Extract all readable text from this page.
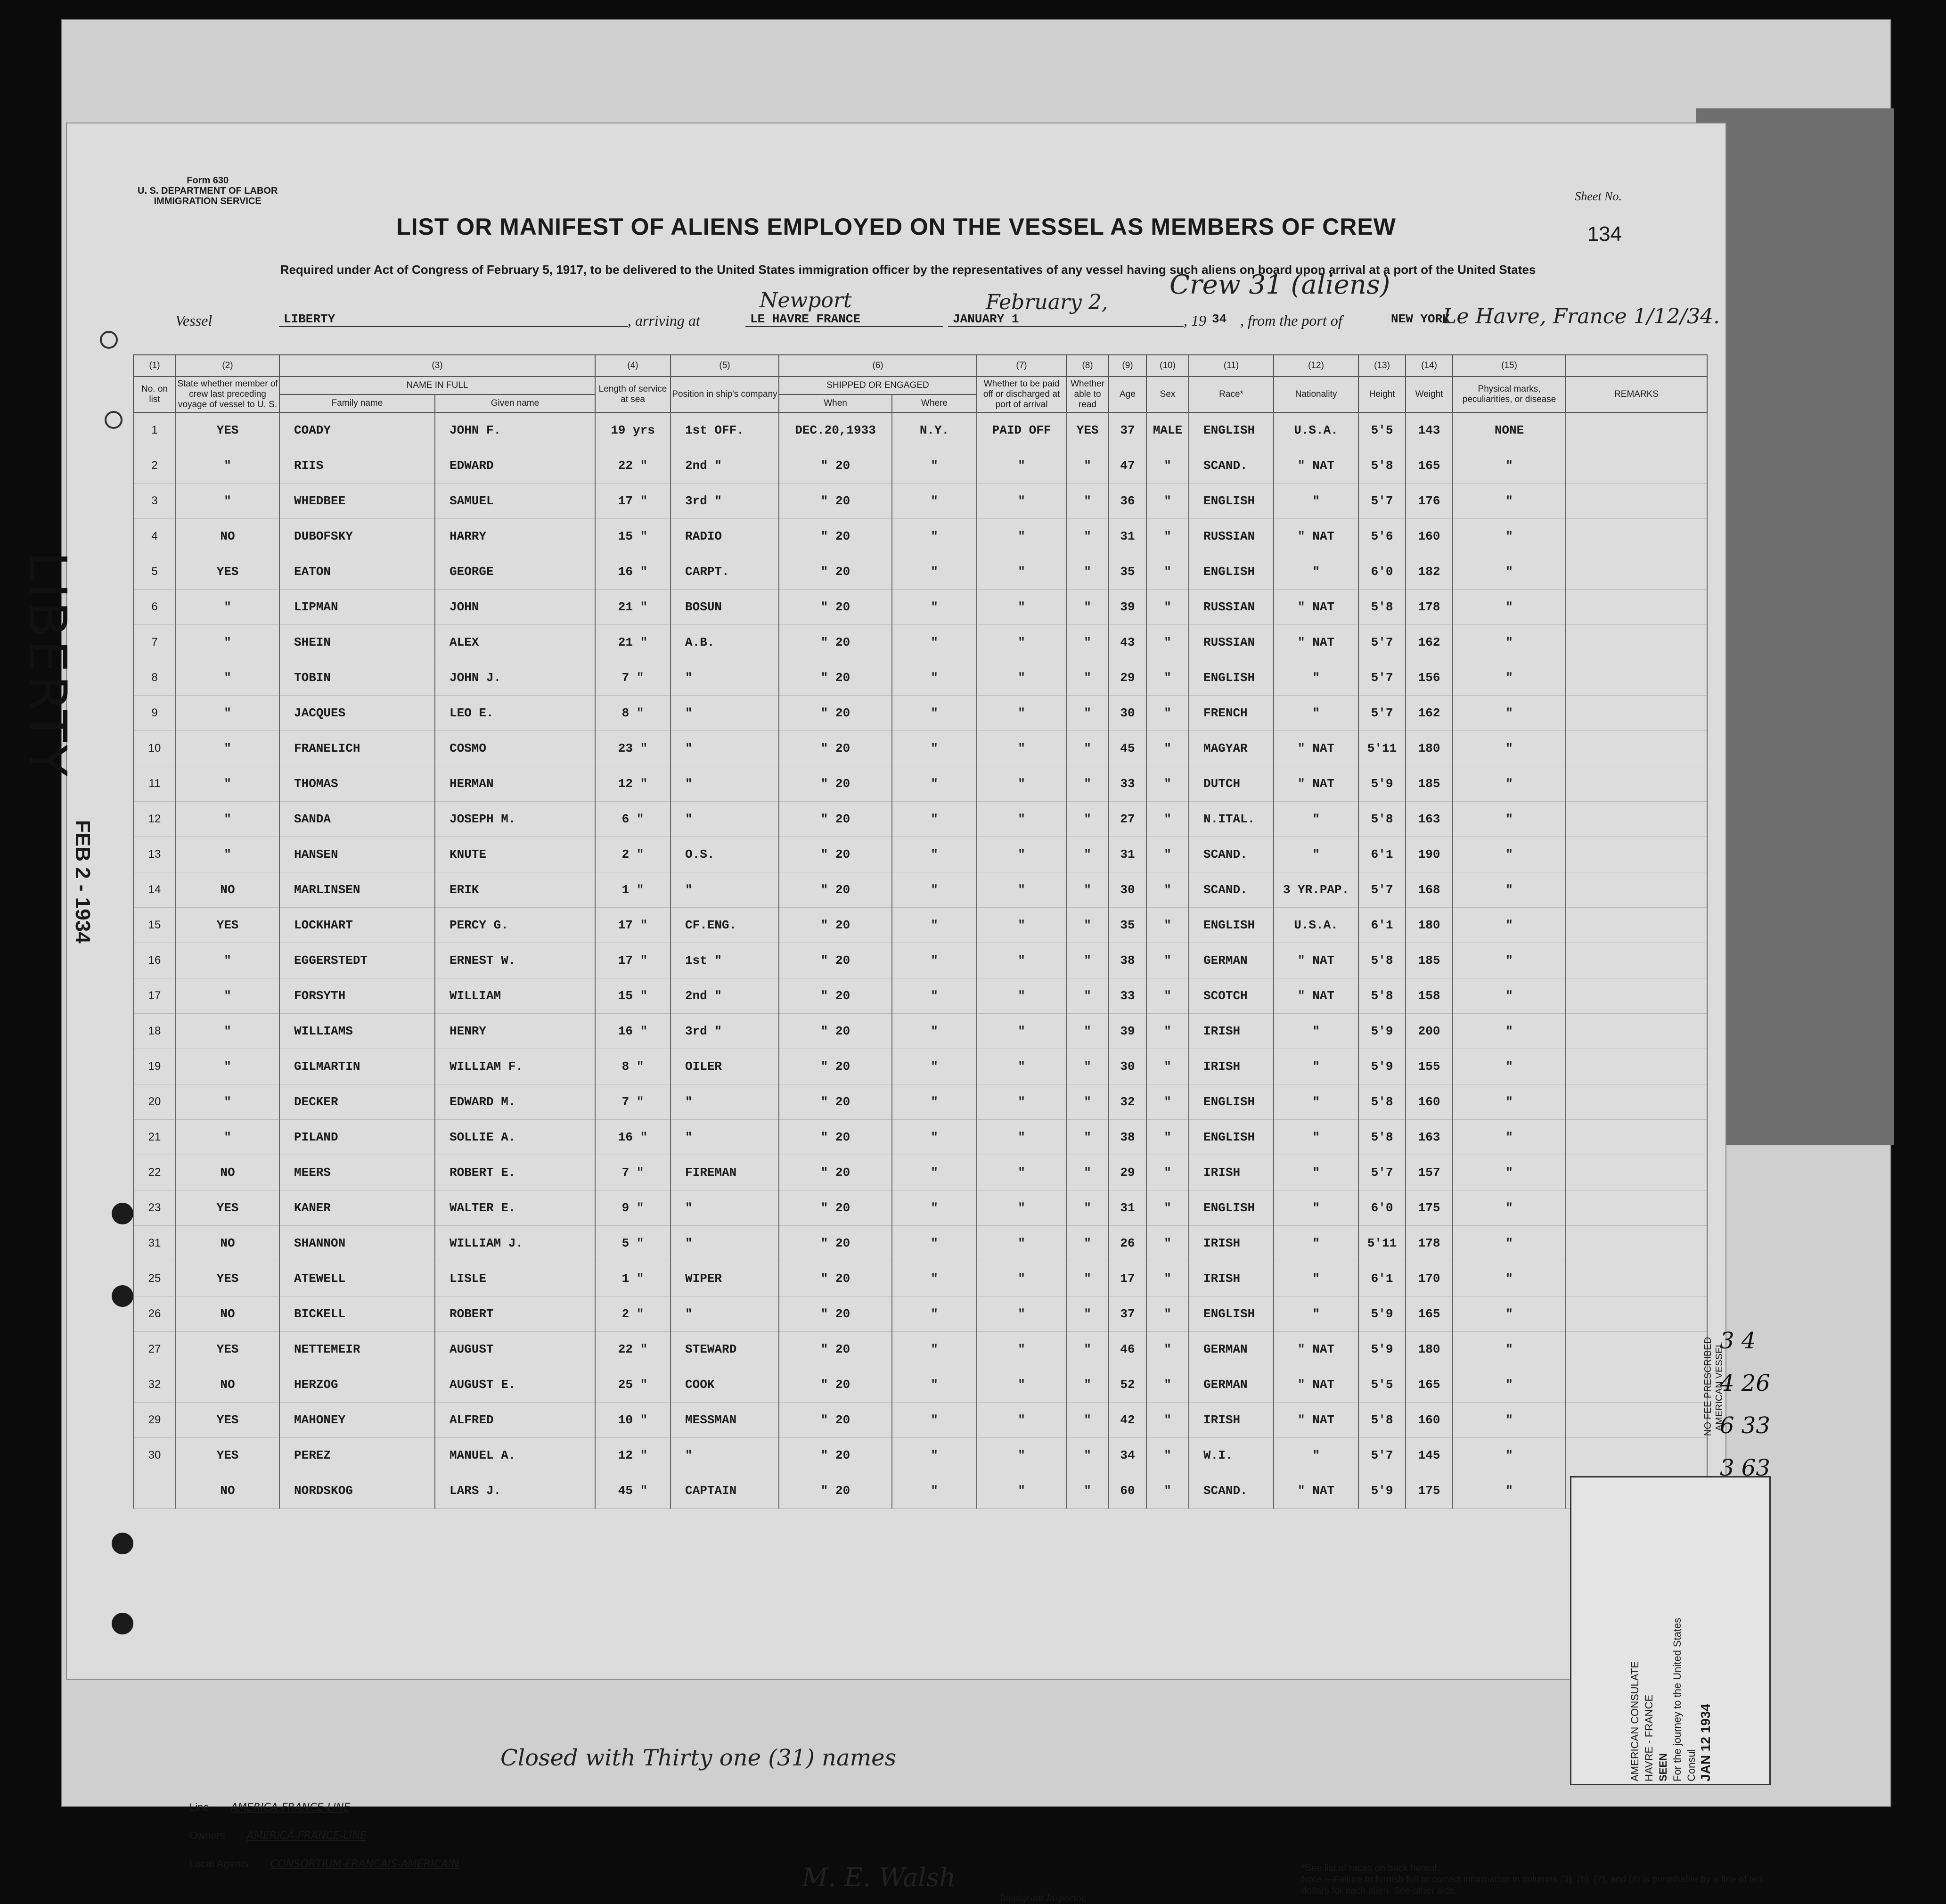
Form 630
U. S. DEPARTMENT OF LABOR
IMMIGRATION SERVICE
Crew 31 (aliens)
Sheet No.
134
LIST OR MANIFEST OF ALIENS EMPLOYED ON THE VESSEL AS MEMBERS OF CREW
Required under Act of Congress of February 5, 1917, to be delivered to the United States immigration officer by the representatives of any vessel having such aliens on board upon arrival at a port of the United States
Vessel	LIBERTY	, arriving at	LE HAVRE FRANCE
Newport
JANUARY 1
February 2,
, 19 34 , from the port of	NEW YORK
Le Havre, France 1/12/34.
(1)	(2)	(3)		(4)	(5)	(6)		(7)	(8)	(9)	(10)	(11)	(12)	(13)	(14)	(15)	
No. on list	State whether member of crew last preceding voyage of vessel to U. S.	NAME IN FULL		Length of service at sea	Position in ship's company	SHIPPED OR ENGAGED		Whether to be paid off or discharged at port of arrival	Whether able to read	Age	Sex	Race*	Nationality	Height	Weight	Physical marks, peculiarities, or disease	REMARKS
		Family name	Given name			When	Where										
1	YES	COADY	JOHN F.	19 yrs	1st OFF.	DEC.20,1933	N.Y.	PAID OFF	YES	37	MALE	ENGLISH	U.S.A.	5'5	143	NONE	
2	"	RIIS	EDWARD	22 "	2nd "	" 20	"	"	"	47	"	SCAND.	" NAT	5'8	165	"	
3	"	WHEDBEE	SAMUEL	17 "	3rd "	" 20	"	"	"	36	"	ENGLISH	"	5'7	176	"	
4	NO	DUBOFSKY	HARRY	15 "	RADIO	" 20	"	"	"	31	"	RUSSIAN	" NAT	5'6	160	"	
5	YES	EATON	GEORGE	16 "	CARPT.	" 20	"	"	"	35	"	ENGLISH	"	6'0	182	"	
6	"	LIPMAN	JOHN	21 "	BOSUN	" 20	"	"	"	39	"	RUSSIAN	" NAT	5'8	178	"	
7	"	SHEIN	ALEX	21 "	A.B.	" 20	"	"	"	43	"	RUSSIAN	" NAT	5'7	162	"	
8	"	TOBIN	JOHN J.	7 "	"	" 20	"	"	"	29	"	ENGLISH	"	5'7	156	"	
9	"	JACQUES	LEO E.	8 "	"	" 20	"	"	"	30	"	FRENCH	"	5'7	162	"	
10	"	FRANELICH	COSMO	23 "	"	" 20	"	"	"	45	"	MAGYAR	" NAT	5'11	180	"	
11	"	THOMAS	HERMAN	12 "	"	" 20	"	"	"	33	"	DUTCH	" NAT	5'9	185	"	
12	"	SANDA	JOSEPH M.	6 "	"	" 20	"	"	"	27	"	N.ITAL.	"	5'8	163	"	
13	"	HANSEN	KNUTE	2 "	O.S.	" 20	"	"	"	31	"	SCAND.	"	6'1	190	"	
14	NO	MARLINSEN	ERIK	1 "	"	" 20	"	"	"	30	"	SCAND.	3 YR.PAP.	5'7	168	"	
15	YES	LOCKHART	PERCY G.	17 "	CF.ENG.	" 20	"	"	"	35	"	ENGLISH	U.S.A.	6'1	180	"	
16	"	EGGERSTEDT	ERNEST W.	17 "	1st "	" 20	"	"	"	38	"	GERMAN	" NAT	5'8	185	"	
17	"	FORSYTH	WILLIAM	15 "	2nd "	" 20	"	"	"	33	"	SCOTCH	" NAT	5'8	158	"	
18	"	WILLIAMS	HENRY	16 "	3rd "	" 20	"	"	"	39	"	IRISH	"	5'9	200	"	
19	"	GILMARTIN	WILLIAM F.	8 "	OILER	" 20	"	"	"	30	"	IRISH	"	5'9	155	"	
20	"	DECKER	EDWARD M.	7 "	"	" 20	"	"	"	32	"	ENGLISH	"	5'8	160	"	
21	"	PILAND	SOLLIE A.	16 "	"	" 20	"	"	"	38	"	ENGLISH	"	5'8	163	"	
22	NO	MEERS	ROBERT E.	7 "	FIREMAN	" 20	"	"	"	29	"	IRISH	"	5'7	157	"	
23	YES	KANER	WALTER E.	9 "	"	" 20	"	"	"	31	"	ENGLISH	"	6'0	175	"	
31	NO	SHANNON	WILLIAM J.	5 "	"	" 20	"	"	"	26	"	IRISH	"	5'11	178	"	
25	YES	ATEWELL	LISLE	1 "	WIPER	" 20	"	"	"	17	"	IRISH	"	6'1	170	"	
26	NO	BICKELL	ROBERT	2 "	"	" 20	"	"	"	37	"	ENGLISH	"	5'9	165	"	
27	YES	NETTEMEIR	AUGUST	22 "	STEWARD	" 20	"	"	"	46	"	GERMAN	" NAT	5'9	180	"	
32	NO	HERZOG	AUGUST E.	25 "	COOK	" 20	"	"	"	52	"	GERMAN	" NAT	5'5	165	"	
29	YES	MAHONEY	ALFRED	10 "	MESSMAN	" 20	"	"	"	42	"	IRISH	" NAT	5'8	160	"	
30	YES	PEREZ	MANUEL A.	12 "	"	" 20	"	"	"	34	"	W.I.	"	5'7	145	"	
	NO	NORDSKOG	LARS J.	45 "	CAPTAIN	" 20	"	"	"	60	"	SCAND.	" NAT	5'9	175	"	
Closed with Thirty one (31) names
Line AMERICA-FRANCE-LINE
Owners AMERICA-FRANCE-LINE
Local Agents CONSORTIUM-FRANCAIS-AMERICAIN	M. E. Walsh
Immigrant Inspector.
*See list of races on back hereof.
Note.—Failure to furnish full or correct information in columns (3), (6), (7), and (8) is punishable by a fine of ten dollars for each alien. See other side.
NO FEE PRESCRIBED AMERICAN VESSEL
AMERICAN CONSULATE HAVRE - FRANCE SEEN For the journey to the United States Consul JAN 12 1934
LIBERTY
FEB 2 - 1934
3 4
4 26
6 33
3 63
